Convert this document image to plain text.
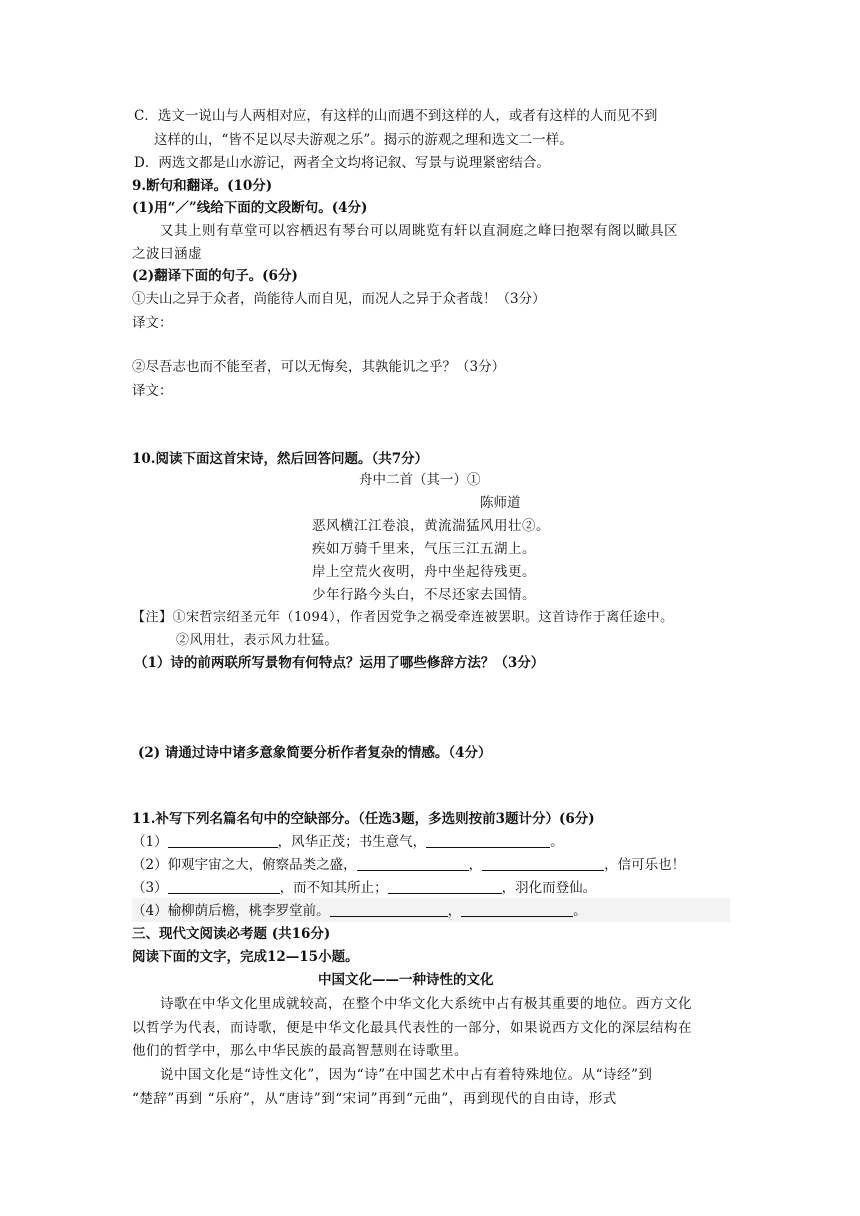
C．选文一说山与人两相对应，有这样的山而遇不到这样的人，或者有这样的人而见不到
这样的山，“皆不足以尽夫游观之乐”。揭示的游观之理和选文二一样。
D．两选文都是山水游记，两者全文均将记叙、写景与说理紧密结合。
9.断句和翻译。(10分)
(1)用“／”线给下面的文段断句。(4分)
又其上则有草堂可以容栖迟有琴台可以周眺览有轩以直洞庭之峰曰抱翠有阁以瞰具区
之波曰涵虚
(2)翻译下面的句子。(6分)
①夫山之异于众者，尚能待人而自见，而况人之异于众者哉！（3分）
译文：
②尽吾志也而不能至者，可以无悔矣，其孰能讥之乎？（3分）
译文：
10.阅读下面这首宋诗，然后回答问题。（共7分）
舟中二首（其一）①
陈师道
恶风横江江卷浪，黄流湍猛风用壮②。
疾如万骑千里来，气压三江五湖上。
岸上空荒火夜明，舟中坐起待残更。
少年行路今头白，不尽还家去国情。
【注】①宋哲宗绍圣元年（1094），作者因党争之祸受牵连被罢职。这首诗作于离任途中。
②风用壮，表示风力壮猛。
（1）诗的前两联所写景物有何特点？运用了哪些修辞方法？（3分）
(2) 请通过诗中诸多意象简要分析作者复杂的情感。（4分）
11.补写下列名篇名句中的空缺部分。（任选3题，多选则按前3题计分）(6分)
（1）	，风华正茂；书生意气，	。
（2）仰观宇宙之大，俯察品类之盛，	，	，信可乐也！
（3）	，而不知其所止；	，羽化而登仙。
（4）榆柳荫后檐，桃李罗堂前。	，	。
三、现代文阅读必考题 (共16分)
阅读下面的文字，完成12—15小题。
中国文化——一种诗性的文化
诗歌在中华文化里成就较高，在整个中华文化大系统中占有极其重要的地位。西方文化
以哲学为代表，而诗歌，便是中华文化最具代表性的一部分，如果说西方文化的深层结构在
他们的哲学中，那么中华民族的最高智慧则在诗歌里。
说中国文化是“诗性文化”，因为“诗”在中国艺术中占有着特殊地位。从“诗经”到
“楚辞”再到 “乐府”，从“唐诗”到“宋词”再到“元曲”，再到现代的自由诗，形式
